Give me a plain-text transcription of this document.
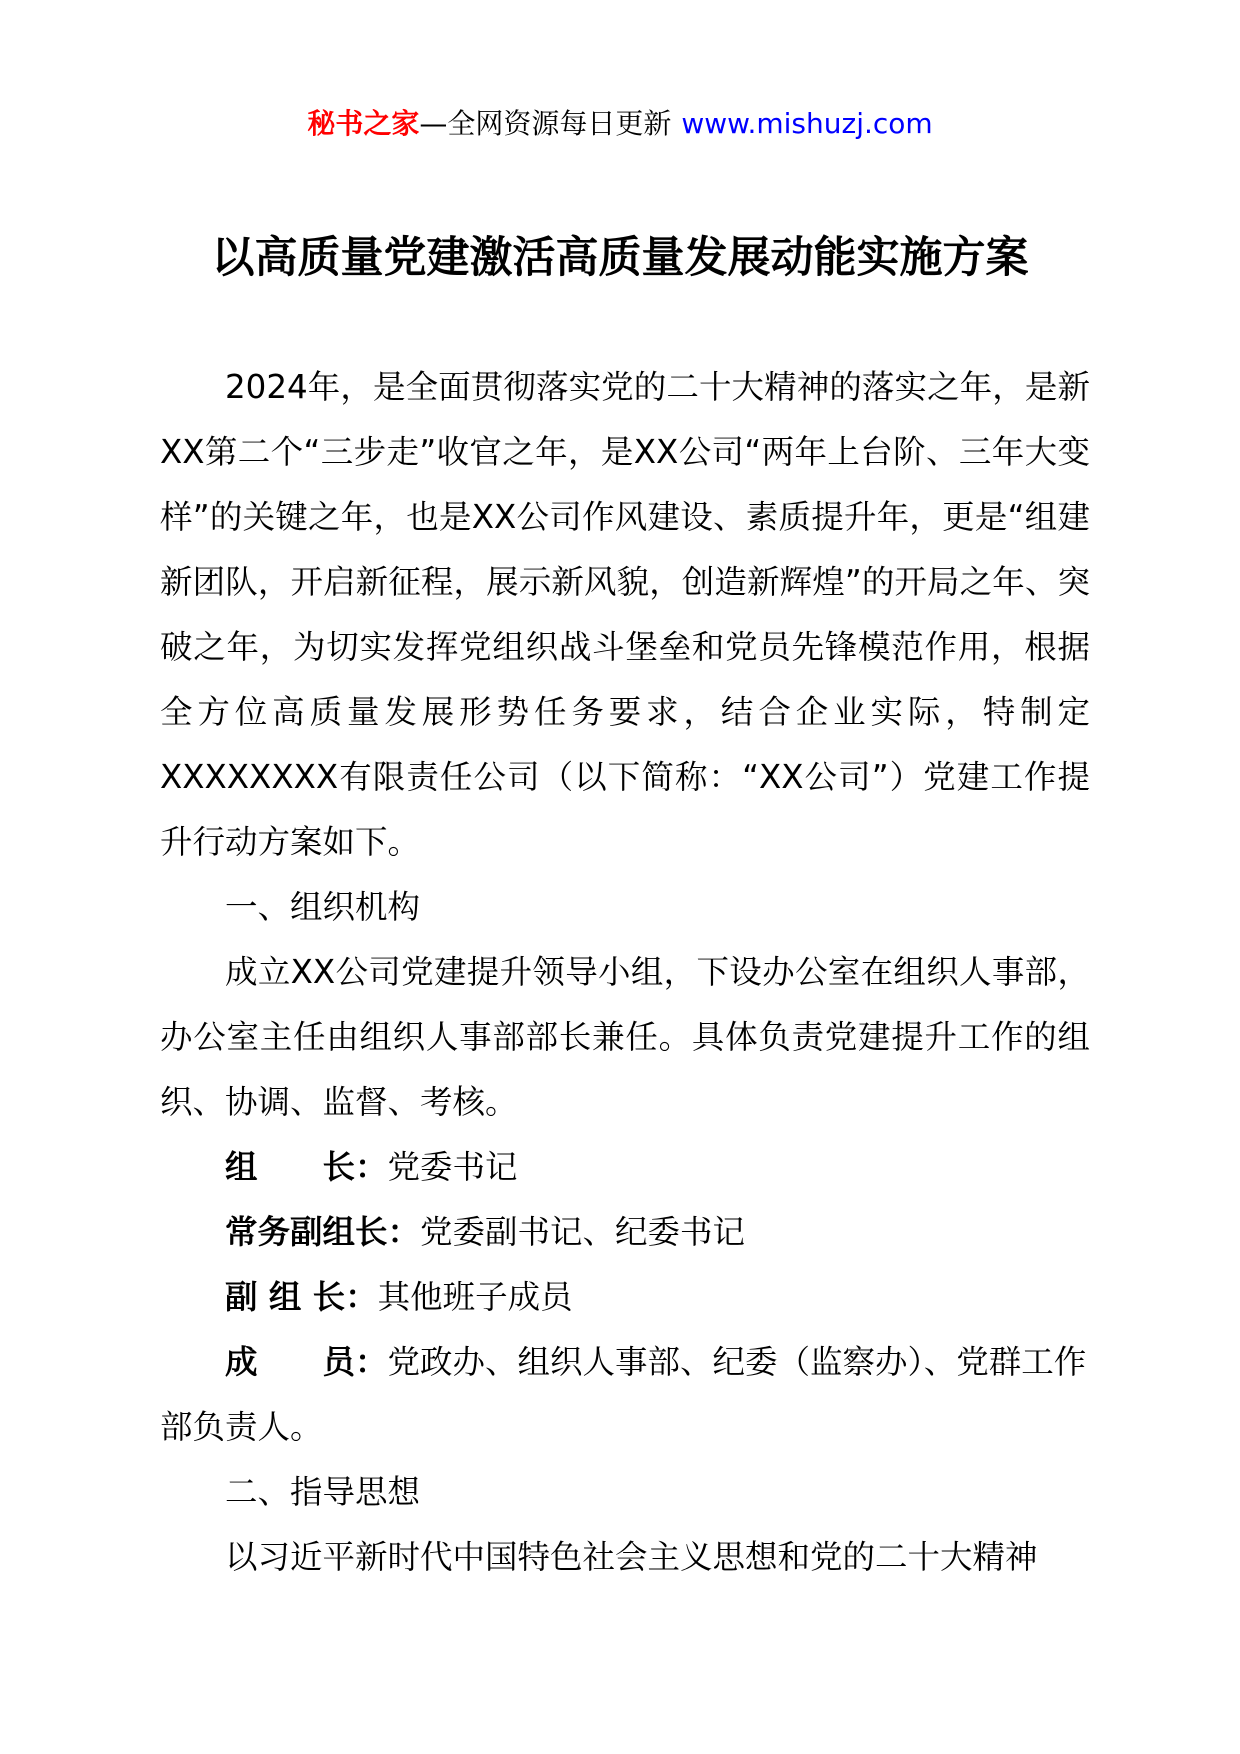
秘书之家—全网资源每日更新 www.mishuzj.com
以高质量党建激活高质量发展动能实施方案

2024年，是全面贯彻落实党的二十大精神的落实之年，是新XX第二个“三步走”收官之年，是XX公司“两年上台阶、三年大变样”的关键之年，也是XX公司作风建设、素质提升年，更是“组建新团队，开启新征程，展示新风貌，创造新辉煌”的开局之年、突破之年，为切实发挥党组织战斗堡垒和党员先锋模范作用，根据全方位高质量发展形势任务要求，结合企业实际，特制定XXXXXXXX有限责任公司（以下简称：“XX公司”）党建工作提升行动方案如下。

一、组织机构

成立XX公司党建提升领导小组，下设办公室在组织人事部，办公室主任由组织人事部部长兼任。具体负责党建提升工作的组织、协调、监督、考核。

组　　长：党委书记

常务副组长：党委副书记、纪委书记

副 组 长：其他班子成员

成　　员：党政办、组织人事部、纪委（监察办）、党群工作部负责人。

二、指导思想

以习近平新时代中国特色社会主义思想和党的二十大精神
